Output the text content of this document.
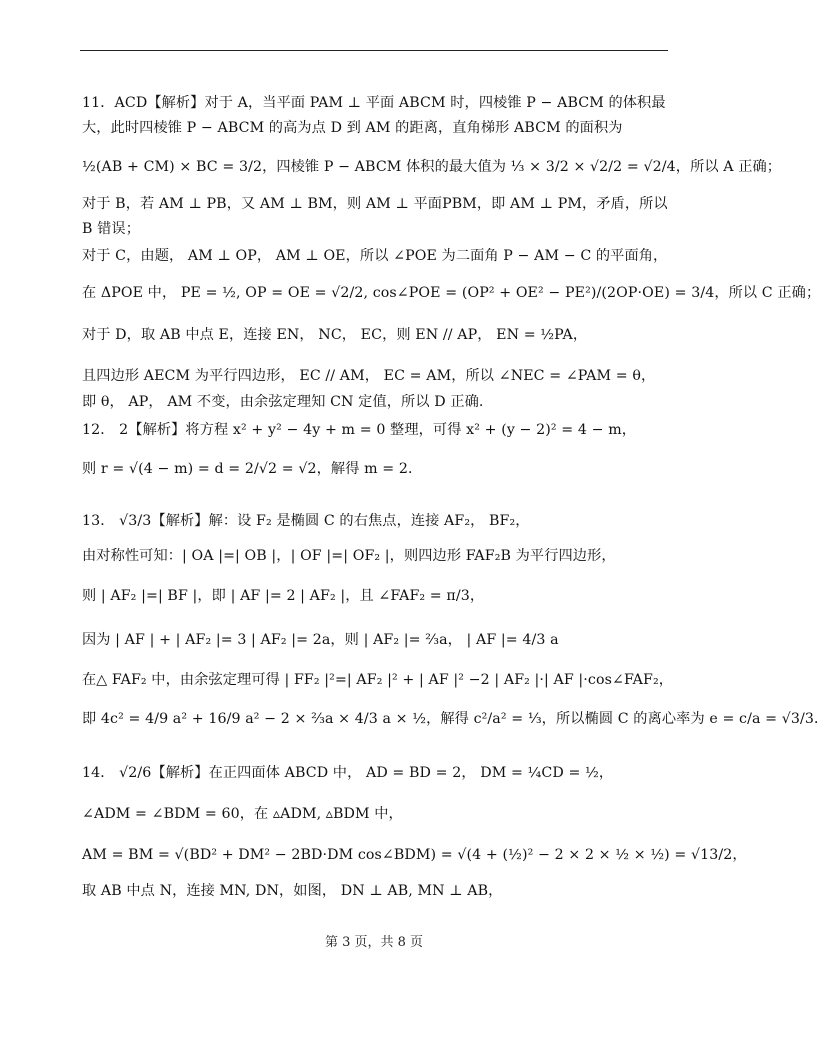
11．ACD【解析】对于 A，当平面 PAM ⊥ 平面 ABCM 时，四棱锥 P − ABCM 的体积最
大，此时四棱锥 P − ABCM 的高为点 D 到 AM 的距离，直角梯形 ABCM 的面积为
½(AB + CM) × BC = 3/2，四棱锥 P − ABCM 体积的最大值为 ⅓ × 3/2 × √2/2 = √2/4，所以 A 正确；
对于 B，若 AM ⊥ PB，又 AM ⊥ BM，则 AM ⊥ 平面PBM，即 AM ⊥ PM，矛盾，所以
B 错误；
对于 C，由题， AM ⊥ OP， AM ⊥ OE，所以 ∠POE 为二面角 P − AM − C 的平面角，
在 ΔPOE 中， PE = ½, OP = OE = √2/2, cos∠POE = (OP² + OE² − PE²)/(2OP·OE) = 3/4，所以 C 正确；
对于 D，取 AB 中点 E，连接 EN， NC， EC，则 EN // AP， EN = ½PA，
且四边形 AECM 为平行四边形， EC // AM， EC = AM，所以 ∠NEC = ∠PAM = θ，
即 θ， AP， AM 不变，由余弦定理知 CN 定值，所以 D 正确.
12． 2【解析】将方程 x² + y² − 4y + m = 0 整理，可得 x² + (y − 2)² = 4 − m，
则 r = √(4 − m) = d = 2/√2 = √2，解得 m = 2．
13． √3/3【解析】解：设 F₂ 是椭圆 C 的右焦点，连接 AF₂， BF₂，
由对称性可知：| OA |=| OB |，| OF |=| OF₂ |，则四边形 FAF₂B 为平行四边形，
则 | AF₂ |=| BF |，即 | AF |= 2 | AF₂ |，且 ∠FAF₂ = π/3，
因为 | AF | + | AF₂ |= 3 | AF₂ |= 2a，则 | AF₂ |= ⅔a， | AF |= 4/3 a
在△ FAF₂ 中，由余弦定理可得 | FF₂ |²=| AF₂ |² + | AF |² −2 | AF₂ |·| AF |·cos∠FAF₂，
即 4c² = 4/9 a² + 16/9 a² − 2 × ⅔a × 4/3 a × ½，解得 c²/a² = ⅓，所以椭圆 C 的离心率为 e = c/a = √3/3．
14． √2/6【解析】在正四面体 ABCD 中， AD = BD = 2， DM = ¼CD = ½，
∠ADM = ∠BDM = 60，在 ▵ADM, ▵BDM 中，
AM = BM = √(BD² + DM² − 2BD·DM cos∠BDM) = √(4 + (½)² − 2 × 2 × ½ × ½) = √13/2，
取 AB 中点 N，连接 MN, DN，如图， DN ⊥ AB, MN ⊥ AB，
第 3 页，共 8 页
